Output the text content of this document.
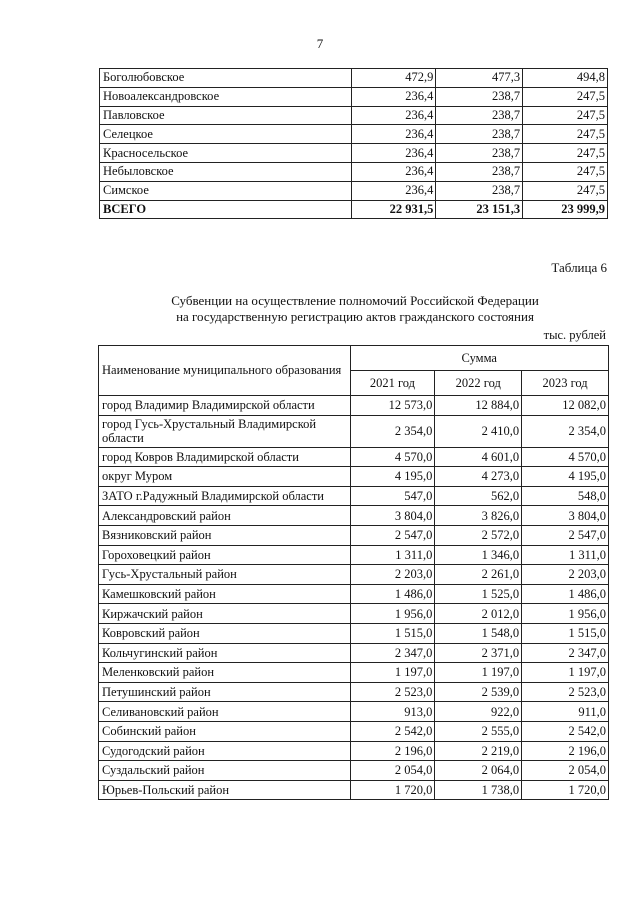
7
Боголюбовское	472,9	477,3	494,8
Новоалександровское	236,4	238,7	247,5
Павловское	236,4	238,7	247,5
Селецкое	236,4	238,7	247,5
Красносельское	236,4	238,7	247,5
Небыловское	236,4	238,7	247,5
Симское	236,4	238,7	247,5
ВСЕГО	22 931,5	23 151,3	23 999,9
Таблица 6
Субвенции на осуществление полномочий Российской Федерации
на государственную регистрацию актов гражданского состояния
тыс. рублей
Наименование муниципального образования	Сумма		
	2021 год	2022 год	2023 год
город Владимир Владимирской области	12 573,0	12 884,0	12 082,0
город Гусь-Хрустальный Владимирской области	2 354,0	2 410,0	2 354,0
город Ковров Владимирской области	4 570,0	4 601,0	4 570,0
округ Муром	4 195,0	4 273,0	4 195,0
ЗАТО г.Радужный Владимирской области	547,0	562,0	548,0
Александровский район	3 804,0	3 826,0	3 804,0
Вязниковский район	2 547,0	2 572,0	2 547,0
Гороховецкий район	1 311,0	1 346,0	1 311,0
Гусь-Хрустальный район	2 203,0	2 261,0	2 203,0
Камешковский район	1 486,0	1 525,0	1 486,0
Киржачский район	1 956,0	2 012,0	1 956,0
Ковровский район	1 515,0	1 548,0	1 515,0
Кольчугинский район	2 347,0	2 371,0	2 347,0
Меленковский район	1 197,0	1 197,0	1 197,0
Петушинский район	2 523,0	2 539,0	2 523,0
Селивановский район	913,0	922,0	911,0
Собинский район	2 542,0	2 555,0	2 542,0
Судогодский район	2 196,0	2 219,0	2 196,0
Суздальский район	2 054,0	2 064,0	2 054,0
Юрьев-Польский район	1 720,0	1 738,0	1 720,0
